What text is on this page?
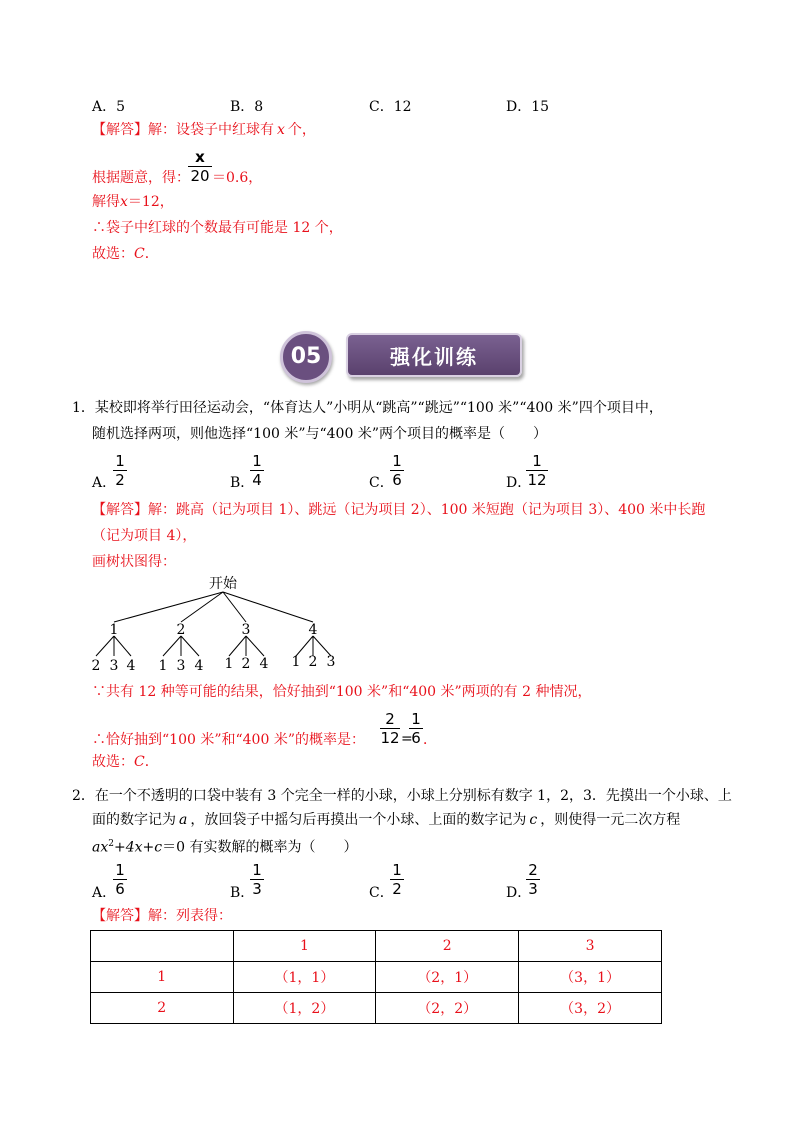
A．5	B．8	C．12	D．15
【解答】解：设袋子中红球有 x 个，
根据题意，得：
x
20 ＝0.6，
解得x＝12，
∴袋子中红球的个数最有可能是 12 个，
故选：C．
05	强化训练
1．某校即将举行田径运动会，“体育达人”小明从“跳高”“跳远”“100 米”“400 米”四个项目中，
随机选择两项，则他选择“100 米”与“400 米”两个项目的概率是（　　）
A．
1
2	B．
1
4	C．
1
6	D．
1
12
【解答】解：跳高（记为项目 1）、跳远（记为项目 2）、100 米短跑（记为项目 3）、400 米中长跑
（记为项目 4），
画树状图得：
开始
1	2	3	4
2 3 4 1 3 4 1 2 4 1 2 3
∵共有 12 种等可能的结果，恰好抽到“100 米”和“400 米”两项的有 2 种情况，
∴恰好抽到“100 米”和“400 米”的概率是：
2
12 =
1
6 ．
故选：C．
2．在一个不透明的口袋中装有 3 个完全一样的小球，小球上分别标有数字 1，2，3．先摸出一个小球、上
面的数字记为 a ，放回袋子中摇匀后再摸出一个小球、上面的数字记为 c ，则使得一元二次方程
$ax^2+4x+c=0$ 有实数解的概率为（　　）
A．
1
6	B．
1
3	C．
1
2	D．
2
3
【解答】解：列表得：
	1	2	3
1	（1，1）	（2，1）	（3，1）
2	（1，2）	（2，2）	（3，2）
